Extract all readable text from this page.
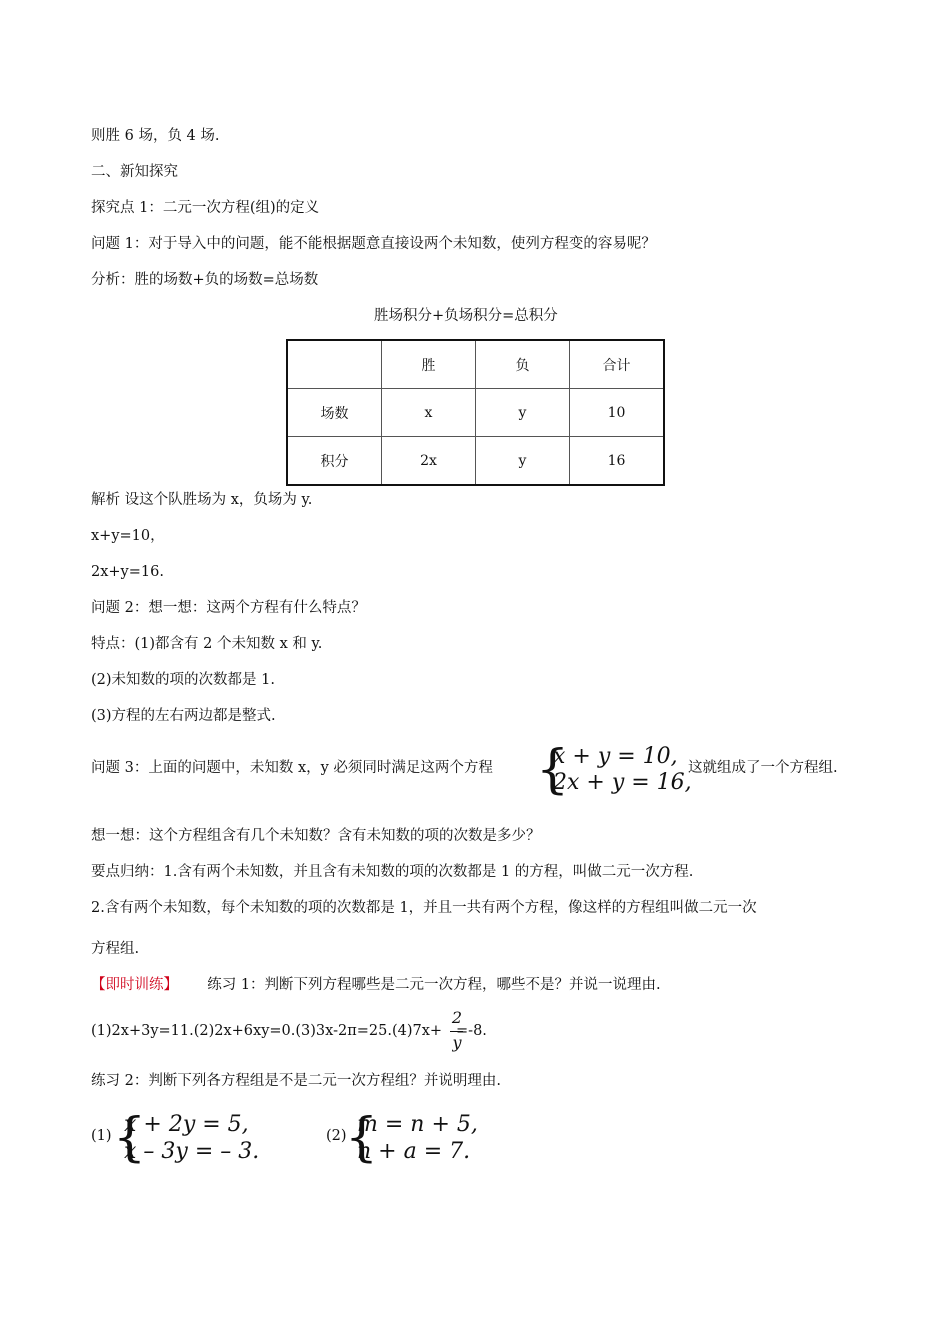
则胜 6 场，负 4 场.
二、新知探究
探究点 1：二元一次方程(组)的定义
问题 1：对于导入中的问题，能不能根据题意直接设两个未知数，使列方程变的容易呢？
分析：胜的场数+负的场数=总场数
胜场积分+负场积分=总积分
	胜	负	合计
场数	x	y	10
积分	2x	y	16
解析 设这个队胜场为 x，负场为 y.
x+y=10，
2x+y=16.
问题 2：想一想：这两个方程有什么特点？
特点：(1)都含有 2 个未知数 x 和 y.
(2)未知数的项的次数都是 1.
(3)方程的左右两边都是整式.
问题 3：上面的问题中，未知数 x，y 必须同时满足这两个方程 {
x + y = 10,
2x + y = 16,
这就组成了一个方程组.
想一想：这个方程组含有几个未知数？含有未知数的项的次数是多少？
要点归纳：1.含有两个未知数，并且含有未知数的项的次数都是 1 的方程，叫做二元一次方程.
2.含有两个未知数，每个未知数的项的次数都是 1，并且一共有两个方程，像这样的方程组叫做二元一次
方程组.
【即时训练】 练习 1：判断下列方程哪些是二元一次方程，哪些不是？并说一说理由.
(1)2x+3y=11.(2)2x+6xy=0.(3)3x-2π=25.(4)7x+ =-8.
2
y
练习 2：判断下列各方程组是不是二元一次方程组？并说明理由.
(1) {
x + 2y = 5,
x – 3y = – 3.
(2)
{
m = n + 5,
n + a = 7.
